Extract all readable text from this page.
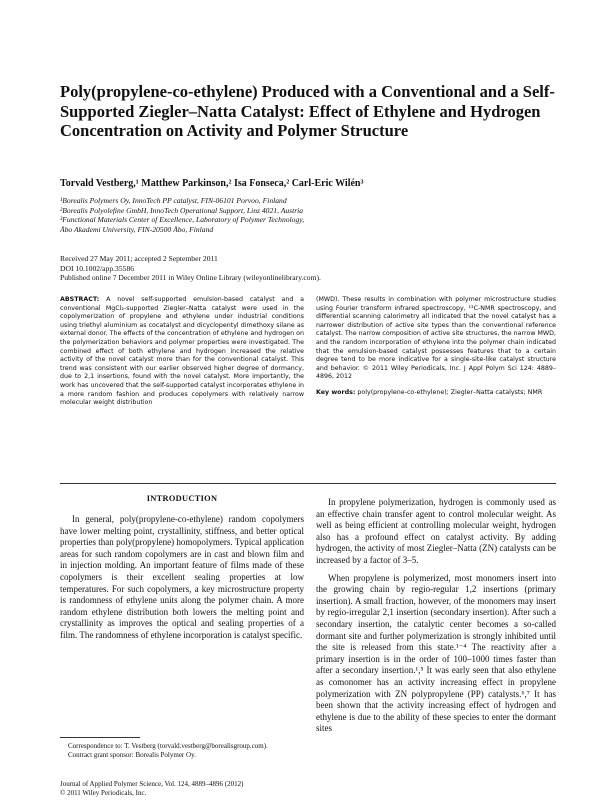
Poly(propylene-co-ethylene) Produced with a Conventional and a Self-Supported Ziegler–Natta Catalyst: Effect of Ethylene and Hydrogen Concentration on Activity and Polymer Structure
Torvald Vestberg,¹ Matthew Parkinson,² Isa Fonseca,² Carl-Eric Wilén³
¹Borealis Polymers Oy, InnoTech PP catalyst, FIN-06101 Porvoo, Finland
²Borealis Polyolefine GmbH, InnoTech Operational Support, Linz 4021, Austria
³Functional Materials Center of Excellence, Laboratory of Polymer Technology,
Åbo Akademi University, FIN-20500 Åbo, Finland
Received 27 May 2011; accepted 2 September 2011
DOI 10.1002/app.35586
Published online 7 December 2011 in Wiley Online Library (wileyonlinelibrary.com).
ABSTRACT: A novel self-supported emulsion-based catalyst and a conventional MgCl₂-supported Ziegler–Natta catalyst were used in the copolymerization of propylene and ethylene under industrial conditions using triethyl aluminium as cocatalyst and dicyclopentyl dimethoxy silane as external donor. The effects of the concentration of ethylene and hydrogen on the polymerization behaviors and polymer properties were investigated. The combined effect of both ethylene and hydrogen increased the relative activity of the novel catalyst more than for the conventional catalyst. This trend was consistent with our earlier observed higher degree of dormancy, due to 2,1 insertions, found with the novel catalyst. More importantly, the work has uncovered that the self-supported catalyst incorporates ethylene in a more random fashion and produces copolymers with relatively narrow molecular weight distribution
(MWD). These results in combination with polymer microstructure studies using Fourier transform infrared spectroscopy, ¹³C-NMR spectroscopy, and differential scanning calorimetry all indicated that the novel catalyst has a narrower distribution of active site types than the conventional reference catalyst. The narrow composition of active site structures, the narrow MWD, and the random incorporation of ethylene into the polymer chain indicated that the emulsion-based catalyst possesses features that to a certain degree tend to be more indicative for a single-site-like catalyst structure and behavior. © 2011 Wiley Periodicals, Inc. J Appl Polym Sci 124: 4889–4896, 2012
Key words: poly(propylene-co-ethylene); Ziegler–Natta catalysts; NMR
INTRODUCTION

In general, poly(propylene-co-ethylene) random copolymers have lower melting point, crystallinity, stiffness, and better optical properties than poly(propylene) homopolymers. Typical application areas for such random copolymers are in cast and blown film and in injection molding. An important feature of films made of these copolymers is their excellent sealing properties at low temperatures. For such copolymers, a key microstructure property is randomness of ethylene units along the polymer chain. A more random ethylene distribution both lowers the melting point and crystallinity as improves the optical and sealing properties of a film. The randomness of ethylene incorporation is catalyst specific.

In propylene polymerization, hydrogen is commonly used as an effective chain transfer agent to control molecular weight. As well as being efficient at controlling molecular weight, hydrogen also has a profound effect on catalyst activity. By adding hydrogen, the activity of most Ziegler–Natta (ZN) catalysts can be increased by a factor of 3–5.

When propylene is polymerized, most monomers insert into the growing chain by regio-regular 1,2 insertions (primary insertion). A small fraction, however, of the monomers may insert by regio-irregular 2,1 insertion (secondary insertion). After such a secondary insertion, the catalytic center becomes a so-called dormant site and further polymerization is strongly inhibited until the site is released from this state.¹⁻⁴ The reactivity after a primary insertion is in the order of 100–1000 times faster than after a secondary insertion.¹,⁵ It was early seen that also ethylene as comonomer has an activity increasing effect in propylene polymerization with ZN polypropylene (PP) catalysts.⁶,⁷ It has been shown that the activity increasing effect of hydrogen and ethylene is due to the ability of these species to enter the dormant sites

Correspondence to: T. Vestberg (torvald.vestberg@borealisgroup.com).
Contract grant sponsor: Borealis Polymer Oy.
Journal of Applied Polymer Science, Vol. 124, 4889–4896 (2012)
© 2011 Wiley Periodicals, Inc.
